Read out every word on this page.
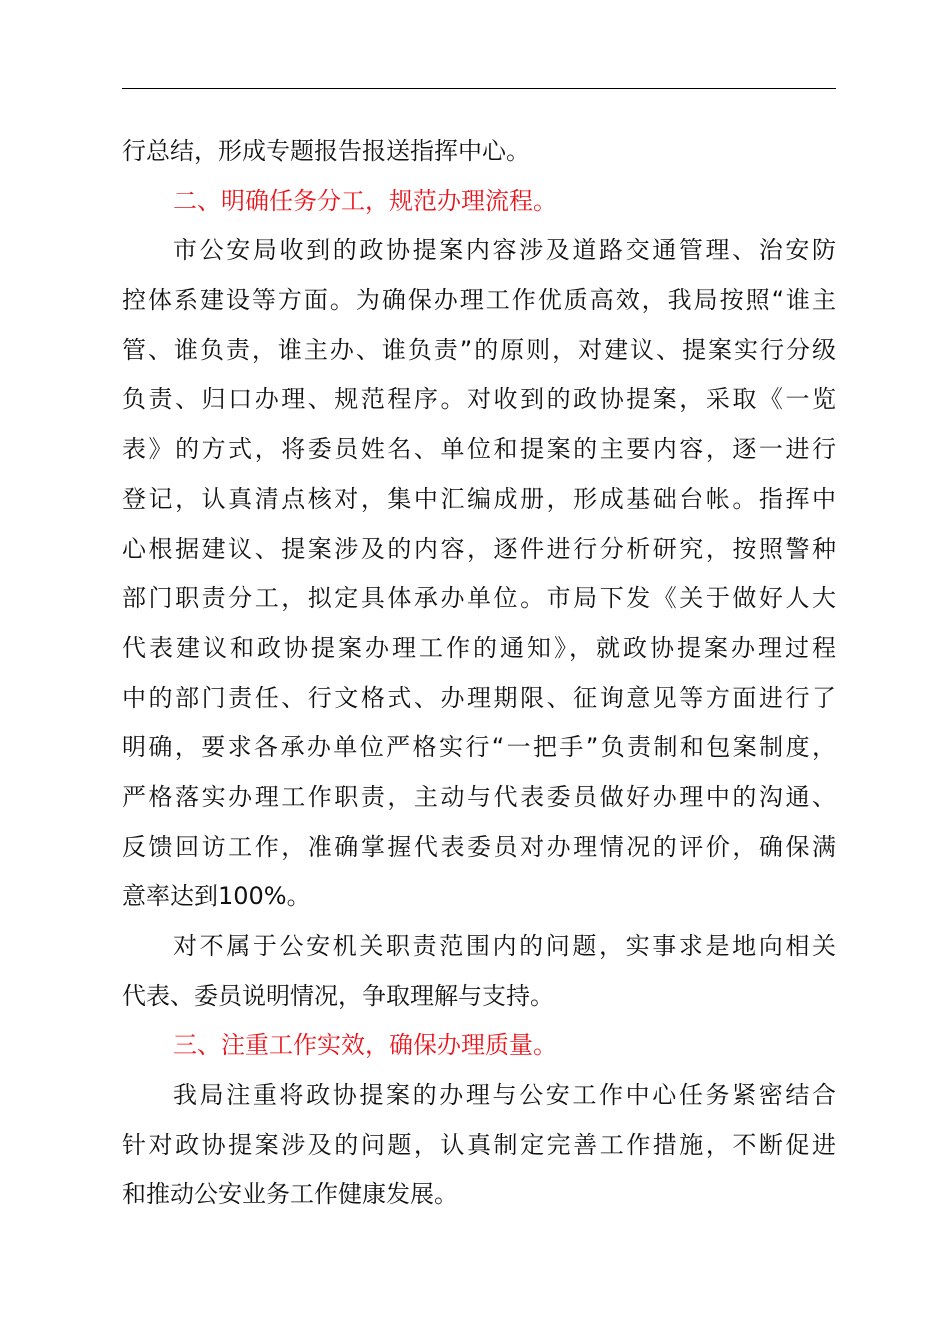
行总结，形成专题报告报送指挥中心。
二、明确任务分工，规范办理流程。
市公安局收到的政协提案内容涉及道路交通管理、治安防
控体系建设等方面。为确保办理工作优质高效，我局按照“谁主
管、谁负责，谁主办、谁负责”的原则，对建议、提案实行分级
负责、归口办理、规范程序。对收到的政协提案，采取《一览
表》的方式，将委员姓名、单位和提案的主要内容，逐一进行
登记，认真清点核对，集中汇编成册，形成基础台帐。指挥中
心根据建议、提案涉及的内容，逐件进行分析研究，按照警种
部门职责分工，拟定具体承办单位。市局下发《关于做好人大
代表建议和政协提案办理工作的通知》，就政协提案办理过程
中的部门责任、行文格式、办理期限、征询意见等方面进行了
明确，要求各承办单位严格实行“一把手”负责制和包案制度，
严格落实办理工作职责，主动与代表委员做好办理中的沟通、
反馈回访工作，准确掌握代表委员对办理情况的评价，确保满
意率达到100%。
对不属于公安机关职责范围内的问题，实事求是地向相关
代表、委员说明情况，争取理解与支持。
三、注重工作实效，确保办理质量。
我局注重将政协提案的办理与公安工作中心任务紧密结合
针对政协提案涉及的问题，认真制定完善工作措施，不断促进
和推动公安业务工作健康发展。
